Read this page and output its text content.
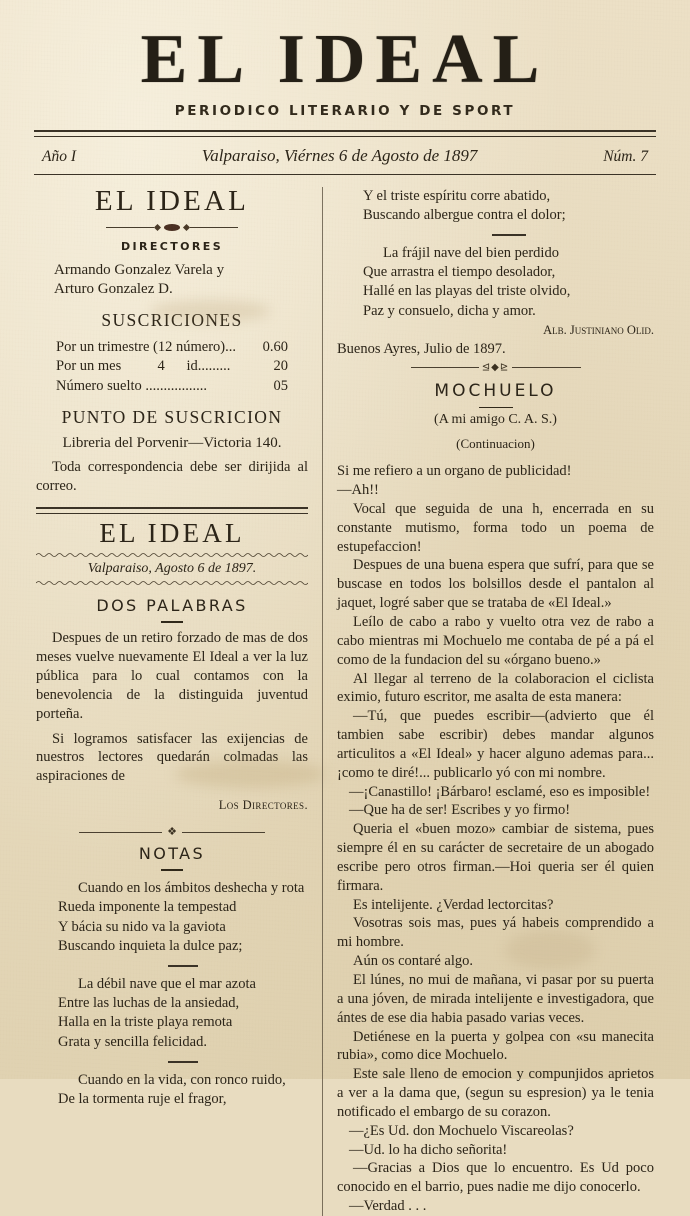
EL IDEAL
PERIODICO LITERARIO Y DE SPORT
Año I	Valparaiso, Viérnes 6 de Agosto de 1897	Núm. 7
EL IDEAL
DIRECTORES
Armando Gonzalez Varela y
Arturo Gonzalez D.
SUSCRICIONES
Por un trimestre (12 número)...	0.60
Por un mes          4      id.........	20
Número suelto .................	05
PUNTO DE SUSCRICION
Libreria del Porvenir—Victoria 140.
Toda correspondencia debe ser dirijida al correo.
EL IDEAL
Valparaiso, Agosto 6 de 1897.
DOS PALABRAS
Despues de un retiro forzado de mas de dos meses vuelve nuevamente El Ideal a ver la luz pública para lo cual contamos con la benevolencia de la distinguida juventud porteña.
Si logramos satisfacer las exijencias de nuestros lectores quedarán colmadas las aspiraciones de
Los Directores.
❖
NOTAS
Cuando en los ámbitos deshecha y rota
Rueda imponente la tempestad
Y bácia su nido va la gaviota
Buscando inquieta la dulce paz;
La débil nave que el mar azota
Entre las luchas de la ansiedad,
Halla en la triste playa remota
Grata y sencilla felicidad.
Cuando en la vida, con ronco ruido,
De la tormenta ruje el fragor,
Y el triste espíritu corre abatido,
Buscando albergue contra el dolor;
La frájil nave del bien perdido
Que arrastra el tiempo desolador,
Hallé en las playas del triste olvido,
Paz y consuelo, dicha y amor.
Alb. Justiniano Olid.
Buenos Ayres, Julio de 1897.
⊴◆⊵
MOCHUELO
(A mi amigo C. A. S.)
(Continuacion)
Si me refiero a un organo de publicidad!
—Ah!!
Vocal que seguida de una h, encerrada en su constante mutismo, forma todo un poema de estupefaccion!
Despues de una buena espera que sufrí, para que se buscase en todos los bolsillos desde el pantalon al jaquet, logré saber que se trataba de «El Ideal.»
Leílo de cabo a rabo y vuelto otra vez de rabo a cabo mientras mi Mochuelo me contaba de pé a pá el como de la fundacion del su «órgano bueno.»
Al llegar al terreno de la colaboracion el ciclista eximio, futuro escritor, me asalta de esta manera:
—Tú, que puedes escribir—(advierto que él tambien sabe escribir) debes mandar algunos articulitos a «El Ideal» y hacer alguno ademas para... ¡como te diré!... publicarlo yó con mi nombre.
—¡Canastillo! ¡Bárbaro! esclamé, eso es imposible!
—Que ha de ser! Escribes y yo firmo!
Queria el «buen mozo» cambiar de sistema, pues siempre él en su carácter de secretaire de un abogado escribe pero otros firman.—Hoi queria ser él quien firmara.
Es intelijente. ¿Verdad lectorcitas?
Vosotras sois mas, pues yá habeis comprendido a mi hombre.
Aún os contaré algo.
El lúnes, no mui de mañana, vi pasar por su puerta a una jóven, de mirada intelijente e investigadora, que ántes de ese dia habia pasado varias veces.
Detiénese en la puerta y golpea con «su manecita rubia», como dice Mochuelo.
Este sale lleno de emocion y compunjidos aprietos a ver a la dama que, (segun su espresion) ya le tenia notificado el embargo de su corazon.
—¿Es Ud. don Mochuelo Viscareolas?
—Ud. lo ha dicho señorita!
—Gracias a Dios que lo encuentro. Es Ud poco conocido en el barrio, pues nadie me dijo conocerlo.
—Verdad . . .
